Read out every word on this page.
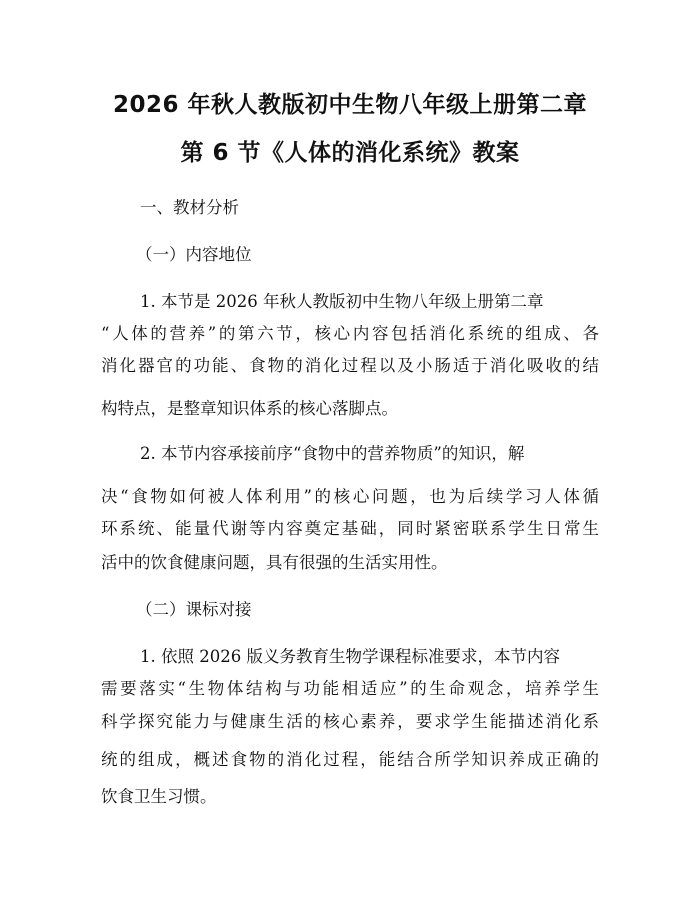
2026 年秋人教版初中生物八年级上册第二章
第 6 节《人体的消化系统》教案

一、教材分析

（一）内容地位

1. 本节是 2026 年秋人教版初中生物八年级上册第二章

“人体的营养”的第六节，核心内容包括消化系统的组成、各

消化器官的功能、食物的消化过程以及小肠适于消化吸收的结

构特点，是整章知识体系的核心落脚点。

2. 本节内容承接前序“食物中的营养物质”的知识，解

决“食物如何被人体利用”的核心问题，也为后续学习人体循

环系统、能量代谢等内容奠定基础，同时紧密联系学生日常生

活中的饮食健康问题，具有很强的生活实用性。

（二）课标对接

1. 依照 2026 版义务教育生物学课程标准要求，本节内容

需要落实“生物体结构与功能相适应”的生命观念，培养学生

科学探究能力与健康生活的核心素养，要求学生能描述消化系

统的组成，概述食物的消化过程，能结合所学知识养成正确的

饮食卫生习惯。
